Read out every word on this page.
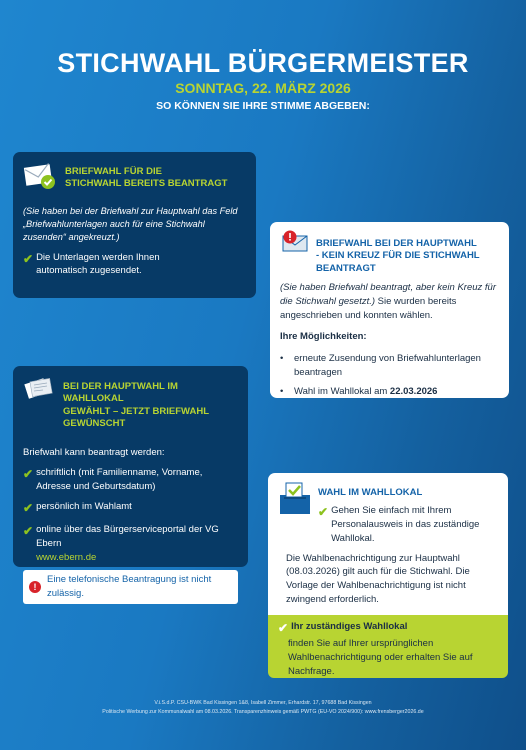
STICHWAHL BÜRGERMEISTER
SONNTAG, 22. MÄRZ 2026
SO KÖNNEN SIE IHRE STIMME ABGEBEN:
BRIEFWAHL FÜR DIE
STICHWAHL BEREITS BEANTRAGT
(Sie haben bei der Briefwahl zur Hauptwahl das Feld „Briefwahlunterlagen auch für eine Stichwahl zusenden“ angekreuzt.)
✔ Die Unterlagen werden Ihnen automatisch zugesendet.
BRIEFWAHL BEI DER HAUPTWAHL
- KEIN KREUZ FÜR DIE STICHWAHL BEANTRAGT
(Sie haben Briefwahl beantragt, aber kein Kreuz für die Stichwahl gesetzt.) Sie wurden bereits angeschrieben und konnten wählen.
Ihre Möglichkeiten:
•	erneute Zusendung von Briefwahlunterlagen beantragen
•	Wahl im Wahllokal am 22.03.2026
BEI DER HAUPTWAHL IM WAHLLOKAL
GEWÄHLT – JETZT BRIEFWAHL GEWÜNSCHT
Briefwahl kann beantragt werden:
✔ schriftlich (mit Familienname, Vorname, Adresse und Geburtsdatum)
✔ persönlich im Wahlamt
✔ online über das Bürgerserviceportal der VG Ebern
www.ebern.de
!
Eine telefonische Beantragung ist nicht zulässig.
WAHL IM WAHLLOKAL
✔ Gehen Sie einfach mit Ihrem Personalausweis in das zuständige Wahllokal.
Die Wahlbenachrichtigung zur Hauptwahl (08.03.2026) gilt auch für die Stichwahl. Die Vorlage der Wahlbenachrichtigung ist nicht zwingend erforderlich.
✔ Ihr zuständiges Wahllokal
finden Sie auf Ihrer ursprünglichen Wahlbenachrichtigung oder erhalten Sie auf Nachfrage.
V.i.S.d.P. CSU-BWK Bad Kissingen 1&8, Isabell Zimmer, Erhardstr. 17, 97688 Bad Kissingen
Politische Werbung zur Kommunalwahl am 08.03.2026. Transparenzhinweis gemäß PWTG (EU-VO 2024/900): www.frensberger2026.de
